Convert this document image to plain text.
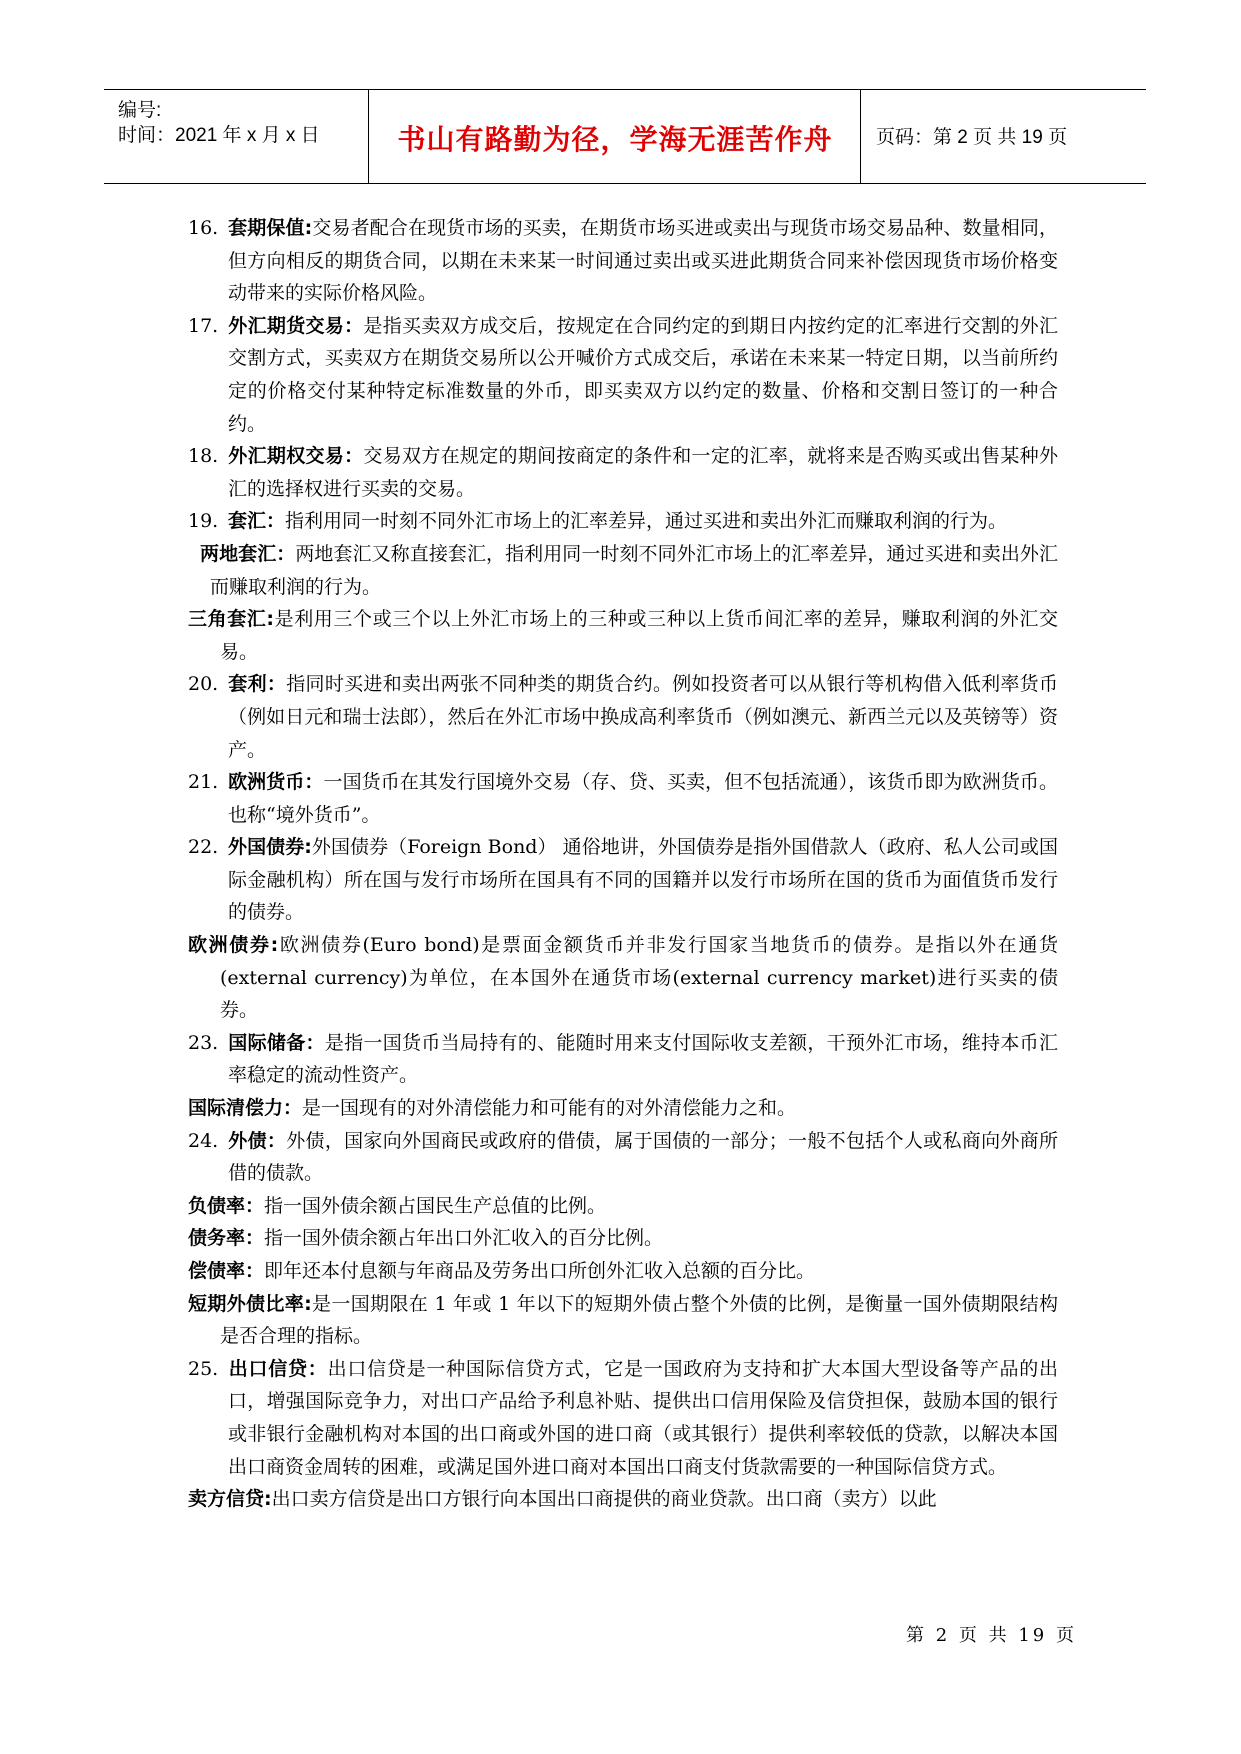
编号:
时间：2021 年 x 月 x 日	书山有路勤为径，学海无涯苦作舟	页码：第 2 页 共 19 页

16. 套期保值:交易者配合在现货市场的买卖，在期货市场买进或卖出与现货市场交易品种、数量相同，但方向相反的期货合同，以期在未来某一时间通过卖出或买进此期货合同来补偿因现货市场价格变动带来的实际价格风险。

17. 外汇期货交易：是指买卖双方成交后，按规定在合同约定的到期日内按约定的汇率进行交割的外汇交割方式，买卖双方在期货交易所以公开喊价方式成交后，承诺在未来某一特定日期，以当前所约定的价格交付某种特定标准数量的外币，即买卖双方以约定的数量、价格和交割日签订的一种合约。

18. 外汇期权交易：交易双方在规定的期间按商定的条件和一定的汇率，就将来是否购买或出售某种外汇的选择权进行买卖的交易。

19. 套汇：指利用同一时刻不同外汇市场上的汇率差异，通过买进和卖出外汇而赚取利润的行为。

两地套汇：两地套汇又称直接套汇，指利用同一时刻不同外汇市场上的汇率差异，通过买进和卖出外汇而赚取利润的行为。

三角套汇:是利用三个或三个以上外汇市场上的三种或三种以上货币间汇率的差异，赚取利润的外汇交易。

20. 套利：指同时买进和卖出两张不同种类的期货合约。例如投资者可以从银行等机构借入低利率货币（例如日元和瑞士法郎），然后在外汇市场中换成高利率货币（例如澳元、新西兰元以及英镑等）资产。

21. 欧洲货币：一国货币在其发行国境外交易（存、贷、买卖，但不包括流通），该货币即为欧洲货币。也称“境外货币”。

22. 外国债券:外国债券（Foreign Bond） 通俗地讲，外国债券是指外国借款人（政府、私人公司或国际金融机构）所在国与发行市场所在国具有不同的国籍并以发行市场所在国的货币为面值货币发行的债券。

欧洲债券:欧洲债券(Euro bond)是票面金额货币并非发行国家当地货币的债券。是指以外在通货(external currency)为单位，在本国外在通货市场(external currency market)进行买卖的债券。

23. 国际储备：是指一国货币当局持有的、能随时用来支付国际收支差额，干预外汇市场，维持本币汇率稳定的流动性资产。

国际清偿力：是一国现有的对外清偿能力和可能有的对外清偿能力之和。

24. 外债：外债，国家向外国商民或政府的借债，属于国债的一部分；一般不包括个人或私商向外商所借的债款。

负债率：指一国外债余额占国民生产总值的比例。

债务率：指一国外债余额占年出口外汇收入的百分比例。

偿债率：即年还本付息额与年商品及劳务出口所创外汇收入总额的百分比。

短期外债比率:是一国期限在 1 年或 1 年以下的短期外债占整个外债的比例，是衡量一国外债期限结构是否合理的指标。

25. 出口信贷：出口信贷是一种国际信贷方式，它是一国政府为支持和扩大本国大型设备等产品的出口，增强国际竞争力，对出口产品给予利息补贴、提供出口信用保险及信贷担保，鼓励本国的银行或非银行金融机构对本国的出口商或外国的进口商（或其银行）提供利率较低的贷款，以解决本国出口商资金周转的困难，或满足国外进口商对本国出口商支付货款需要的一种国际信贷方式。

卖方信贷:出口卖方信贷是出口方银行向本国出口商提供的商业贷款。出口商（卖方）以此

第 2 页 共 19 页
